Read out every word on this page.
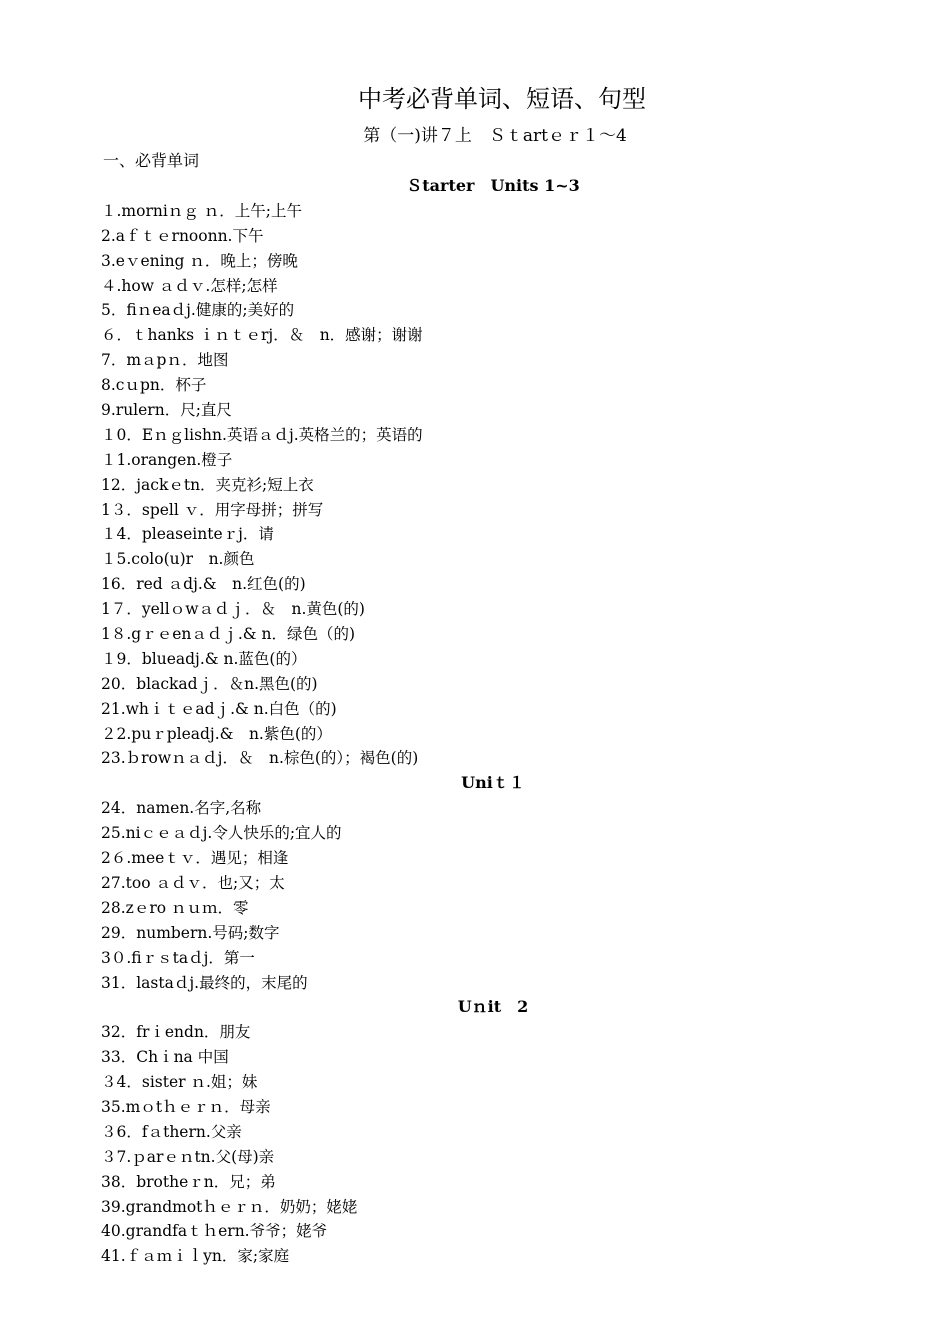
中考必背单词、短语、句型
第（一)讲７上　Ｓｔartｅｒ１～4
一、必背单词
Ｓtarter　Units 1~3
１.morniｎｇ ｎ．上午;上午
2.aｆｔｅrnoonn.下午
3.eｖening ｎ．晚上；傍晚
４.how ａｄｖ.怎样;怎样
5．fiｎeaｄj.健康的;美好的
６．ｔhanks ｉｎｔｅrj．＆　n．感谢；谢谢
7．mａpｎ．地图
8.cｕpn．杯子
9.rulern．尺;直尺
１0．Eｎｇlishn.英语ａｄj.英格兰的；英语的
１1.orangen.橙子
12．jackｅtn．夹克衫;短上衣
1３．spell ｖ．用字母拼；拼写
１4．pleaseinteｒj．请
１5.colo(u)r　n.颜色
16．red ａdj.&　n.红色(的)
1７．yellｏwａｄｊ．＆　n.黄色(的)
1８.gｒｅenａｄｊ.& n．绿色（的)
１9．blueadj.& n.蓝色(的）
20．blackadｊ．＆n.黑色(的)
21.whｉｔｅadｊ.& n.白色（的)
２2.puｒpleadj.&　n.紫色(的）
23.ｂrowｎａｄj．＆　n.棕色(的）；褐色(的)
Uniｔ１
24．namen.名字,名称
25.niｃｅａｄj.令人快乐的;宜人的
2６.meeｔｖ．遇见；相逢
27.too ａｄｖ．也;又；太
28.zｅro ｎｕｍ．零
29．numbern.号码;数字
3０.fiｒｓtaｄj．第一
31．lastaｄj.最终的，末尾的
Uｎit　2
32．frｉendn．朋友
33．Chｉna 中国
３4．sister ｎ.姐；妹
35.mｏtｈｅｒｎ．母亲
３6．fａthern.父亲
３7.ｐarｅｎtn.父(母)亲
38．brotheｒn．兄；弟
39.grandmotｈｅｒｎ．奶奶；姥姥
40.grandfaｔｈern.爷爷；姥爷
41.ｆａｍｉｌyn．家;家庭
